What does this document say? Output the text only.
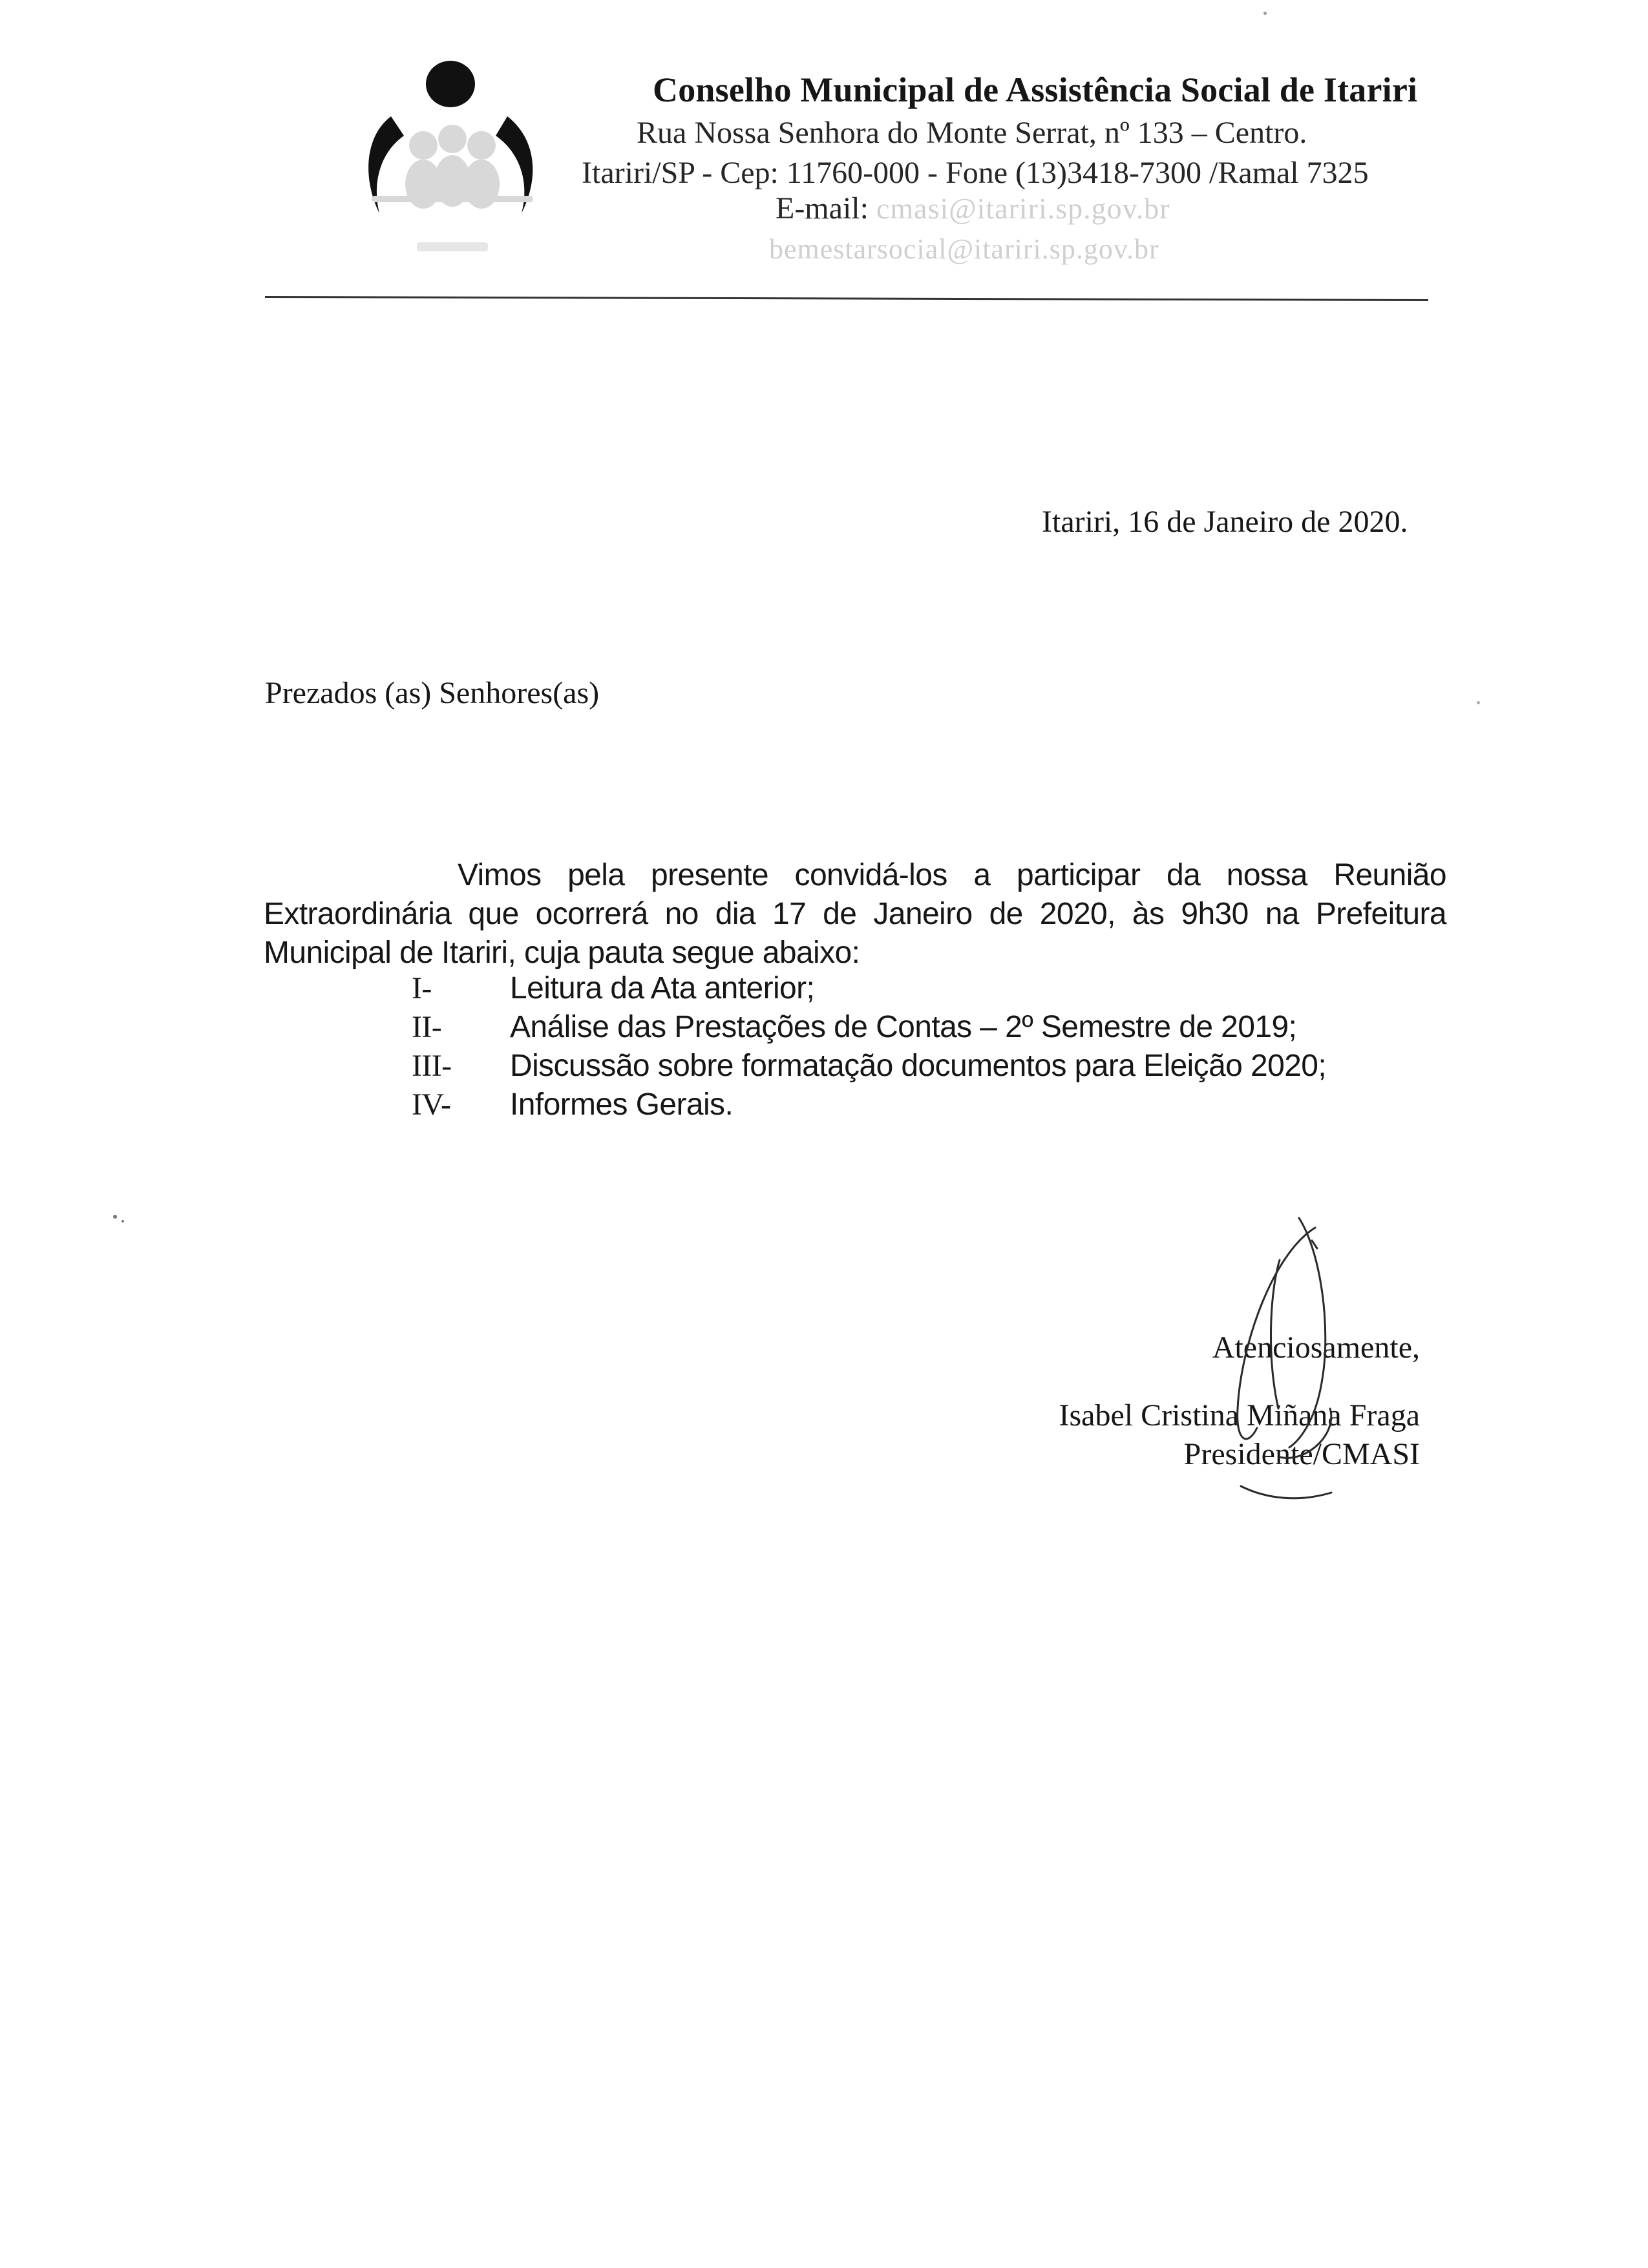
Conselho Municipal de Assistência Social de Itariri
Rua Nossa Senhora do Monte Serrat, nº 133 – Centro.
Itariri/SP - Cep: 11760-000 - Fone (13)3418-7300 /Ramal 7325
E-mail: cmasi@itariri.sp.gov.br
bemestarsocial@itariri.sp.gov.br
Itariri, 16 de Janeiro de 2020.
Prezados (as) Senhores(as)
Vimos pela presente convidá-los a participar da nossa Reunião Extraordinária que ocorrerá no dia 17 de Janeiro de 2020, às 9h30 na Prefeitura Municipal de Itariri, cuja pauta segue abaixo:
I-	Leitura da Ata anterior;
II-	Análise das Prestações de Contas – 2º Semestre de 2019;
III-	Discussão sobre formatação documentos para Eleição 2020;
IV-	Informes Gerais.
Atenciosamente,
Isabel Cristina Miñana Fraga
Presidente/CMASI
